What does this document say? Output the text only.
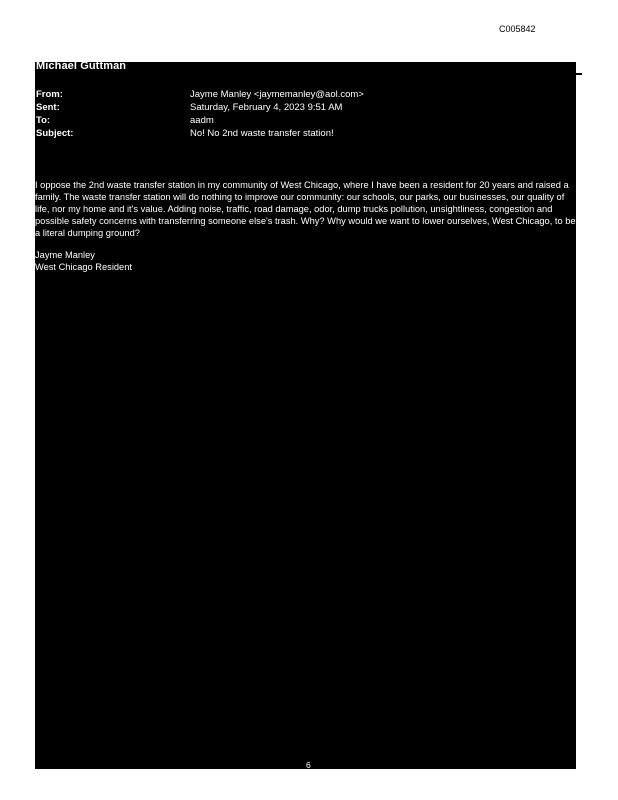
C005842
Michael Guttman
From:	Jayme Manley <jaymemanley@aol.com>
Sent:	Saturday, February 4, 2023 9:51 AM
To:	aadm
Subject:	No! No 2nd waste transfer station!

I oppose the 2nd waste transfer station in my community of West Chicago, where I have been a resident for 20 years and raised a family. The waste transfer station will do nothing to improve our community: our schools, our parks, our businesses, our quality of life, nor my home and it's value. Adding noise, traffic, road damage, odor, dump trucks pollution, unsightliness, congestion and possible safety concerns with transferring someone else's trash. Why? Why would we want to lower ourselves, West Chicago, to be a literal dumping ground?

Jayme Manley
West Chicago Resident
6
